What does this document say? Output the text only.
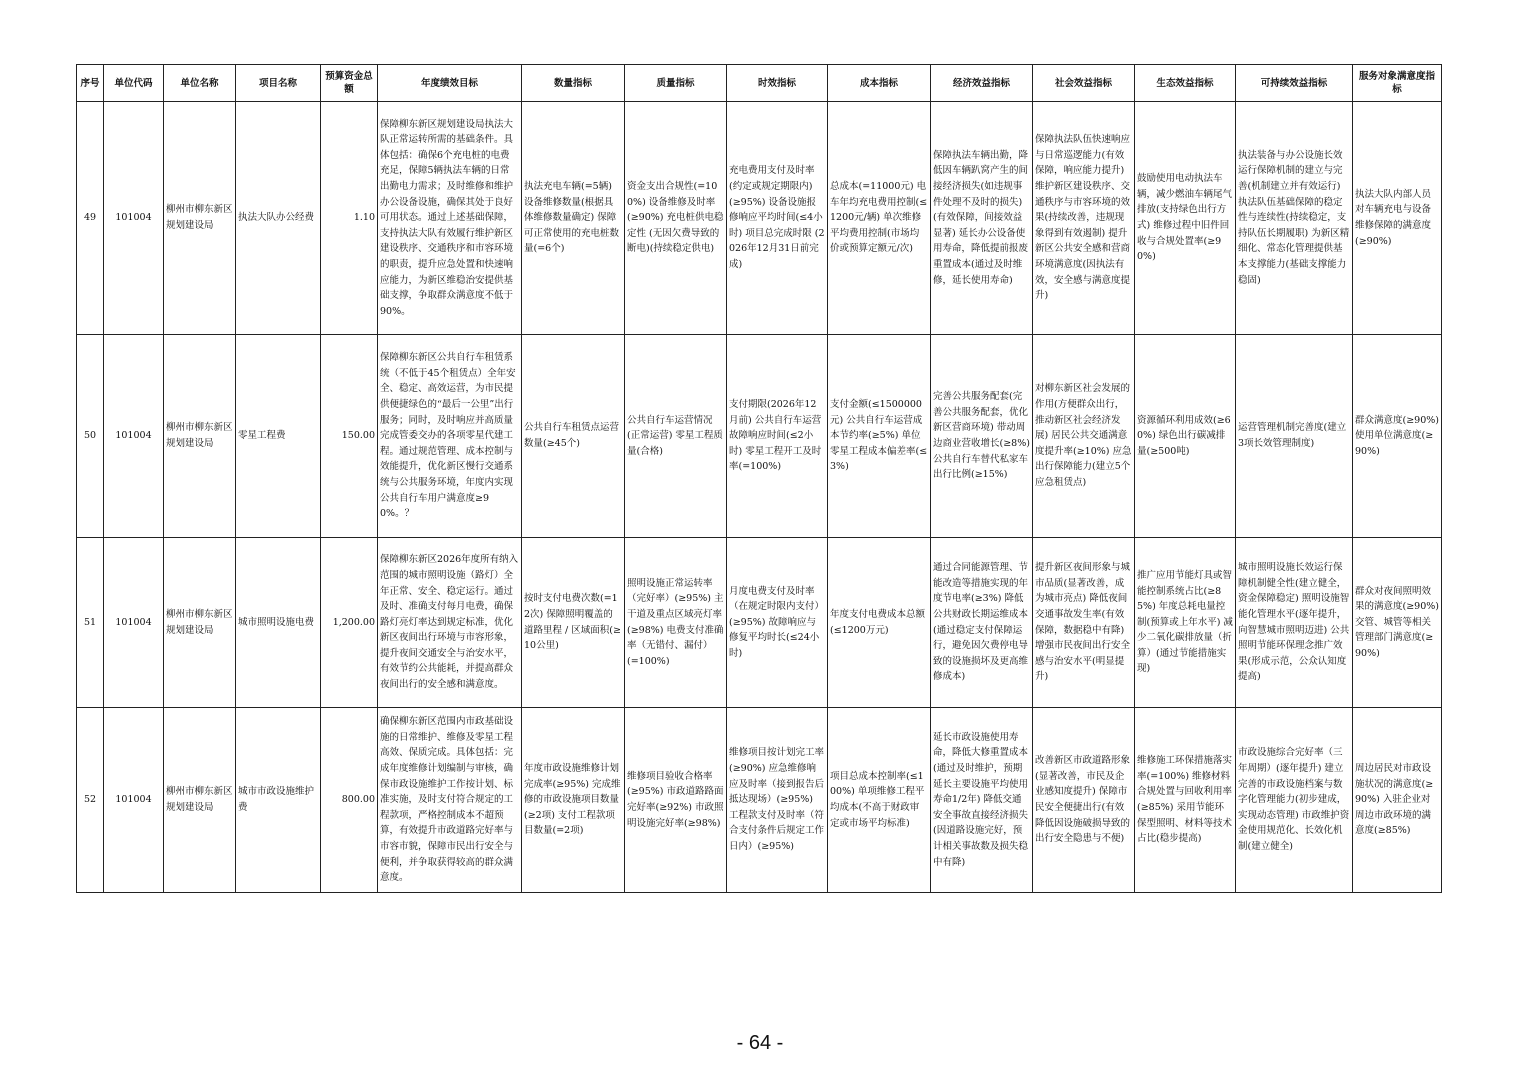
序号	单位代码	单位名称	项目名称	预算资金总额	年度绩效目标	数量指标	质量指标	时效指标	成本指标	经济效益指标	社会效益指标	生态效益指标	可持续效益指标	服务对象满意度指标
49	101004	柳州市柳东新区规划建设局	执法大队办公经费	1.10	保障柳东新区规划建设局执法大队正常运转所需的基础条件。具体包括：确保6个充电桩的电费充足，保障5辆执法车辆的日常出勤电力需求；及时维修和维护办公设备设施，确保其处于良好可用状态。通过上述基础保障，支持执法大队有效履行维护新区建设秩序、交通秩序和市容环境的职责，提升应急处置和快速响应能力，为新区维稳治安提供基础支撑，争取群众满意度不低于90%。	执法充电车辆(=5辆) 设备维修数量(根据具体维修数量确定) 保障可正常使用的充电桩数量(=6个)	资金支出合规性(=100%) 设备维修及时率(≥90%) 充电桩供电稳定性 (无因欠费导致的断电)(持续稳定供电)	充电费用支付及时率 (约定或规定期限内) (≥95%) 设备设施报修响应平均时间(≤4小时) 项目总完成时限 (2026年12月31日前完成)	总成本(=11000元) 电车年均充电费用控制(≤1200元/辆) 单次维修平均费用控制(市场均价或预算定额元/次)	保障执法车辆出勤，降低因车辆趴窝产生的间接经济损失(如违规事件处理不及时的损失) (有效保障，间接效益显著) 延长办公设备使用寿命，降低提前报废重置成本(通过及时维修，延长使用寿命)	保障执法队伍快速响应与日常巡逻能力(有效保障，响应能力提升) 维护新区建设秩序、交通秩序与市容环境的效果(持续改善，违规现象得到有效遏制) 提升新区公共安全感和营商环境满意度(因执法有效，安全感与满意度提升)	鼓励使用电动执法车辆，减少燃油车辆尾气排放(支持绿色出行方式) 维修过程中旧件回收与合规处置率(≥90%)	执法装备与办公设施长效运行保障机制的建立与完善(机制建立并有效运行) 执法队伍基础保障的稳定性与连续性(持续稳定，支持队伍长期履职) 为新区精细化、常态化管理提供基本支撑能力(基础支撑能力稳固)	执法大队内部人员对车辆充电与设备维修保障的满意度(≥90%)
50	101004	柳州市柳东新区规划建设局	零星工程费	150.00	保障柳东新区公共自行车租赁系统（不低于45个租赁点）全年安全、稳定、高效运营，为市民提供便捷绿色的“最后一公里”出行服务；同时，及时响应并高质量完成管委交办的各项零星代建工程。通过规范管理、成本控制与效能提升，优化新区慢行交通系统与公共服务环境，年度内实现公共自行车用户满意度≥90%。？	公共自行车租赁点运营数量(≥45个)	公共自行车运营情况(正常运营) 零星工程质量(合格)	支付期限(2026年12月前) 公共自行车运营故障响应时间(≤2小时) 零星工程开工及时率(=100%)	支付金额(≤1500000元) 公共自行车运营成本节约率(≥5%) 单位零星工程成本偏差率(≤3%)	完善公共服务配套(完善公共服务配套，优化新区营商环境) 带动周边商业营收增长(≥8%) 公共自行车替代私家车出行比例(≥15%)	对柳东新区社会发展的作用(方便群众出行，推动新区社会经济发展) 居民公共交通满意度提升率(≥10%) 应急出行保障能力(建立5个应急租赁点)	资源循环利用成效(≥60%) 绿色出行碳减排量(≥500吨)	运营管理机制完善度(建立3项长效管理制度)	群众满意度(≥90%) 使用单位满意度(≥90%)
51	101004	柳州市柳东新区规划建设局	城市照明设施电费	1,200.00	保障柳东新区2026年度所有纳入范围的城市照明设施（路灯）全年正常、安全、稳定运行。通过及时、准确支付每月电费，确保路灯亮灯率达到规定标准，优化新区夜间出行环境与市容形象，提升夜间交通安全与治安水平，有效节约公共能耗，并提高群众夜间出行的安全感和满意度。	按时支付电费次数(=12次) 保障照明覆盖的道路里程 / 区域面积(≥10公里)	照明设施正常运转率（完好率）(≥95%) 主干道及重点区域亮灯率(≥98%) 电费支付准确率（无错付、漏付）(=100%)	月度电费支付及时率（在规定时限内支付）(≥95%) 故障响应与修复平均时长(≤24小时)	年度支付电费成本总额(≤1200万元)	通过合同能源管理、节能改造等措施实现的年度节电率(≥3%) 降低公共财政长期运维成本(通过稳定支付保障运行，避免因欠费停电导致的设施损坏及更高维修成本)	提升新区夜间形象与城市品质(显著改善，成为城市亮点) 降低夜间交通事故发生率(有效保障，数据稳中有降) 增强市民夜间出行安全感与治安水平(明显提升)	推广应用节能灯具或智能控制系统占比(≥85%) 年度总耗电量控制(预算或上年水平) 减少二氧化碳排放量（折算）(通过节能措施实现)	城市照明设施长效运行保障机制健全性(建立健全，资金保障稳定) 照明设施智能化管理水平(逐年提升，向智慧城市照明迈进) 公共照明节能环保理念推广效果(形成示范，公众认知度提高)	群众对夜间照明效果的满意度(≥90%) 交管、城管等相关管理部门满意度(≥90%)
52	101004	柳州市柳东新区规划建设局	城市市政设施维护费	800.00	确保柳东新区范围内市政基础设施的日常维护、维修及零星工程高效、保质完成。具体包括：完成年度维修计划编制与审核，确保市政设施维护工作按计划、标准实施，及时支付符合规定的工程款项，严格控制成本不超预算，有效提升市政道路完好率与市容市貌，保障市民出行安全与便利，并争取获得较高的群众满意度。	年度市政设施维修计划完成率(≥95%) 完成维修的市政设施项目数量(≥2项) 支付工程款项目数量(=2项)	维修项目验收合格率(≥95%) 市政道路路面完好率(≥92%) 市政照明设施完好率(≥98%)	维修项目按计划完工率(≥90%) 应急维修响应及时率（接到报告后抵达现场）(≥95%) 工程款支付及时率（符合支付条件后规定工作日内）(≥95%)	项目总成本控制率(≤100%) 单项维修工程平均成本(不高于财政审定或市场平均标准)	延长市政设施使用寿命，降低大修重置成本(通过及时维护，预期延长主要设施平均使用寿命1/2年) 降低交通安全事故直接经济损失(因道路设施完好，预计相关事故数及损失稳中有降)	改善新区市政道路形象(显著改善，市民及企业感知度提升) 保障市民安全便捷出行(有效降低因设施破损导致的出行安全隐患与不便)	维修施工环保措施落实率(=100%) 维修材料合规处置与回收利用率(≥85%) 采用节能环保型照明、材料等技术占比(稳步提高)	市政设施综合完好率（三年周期）(逐年提升) 建立完善的市政设施档案与数字化管理能力(初步建成，实现动态管理) 市政维护资金使用规范化、长效化机制(建立健全)	周边居民对市政设施状况的满意度(≥90%) 入驻企业对周边市政环境的满意度(≥85%)
- 64 -
